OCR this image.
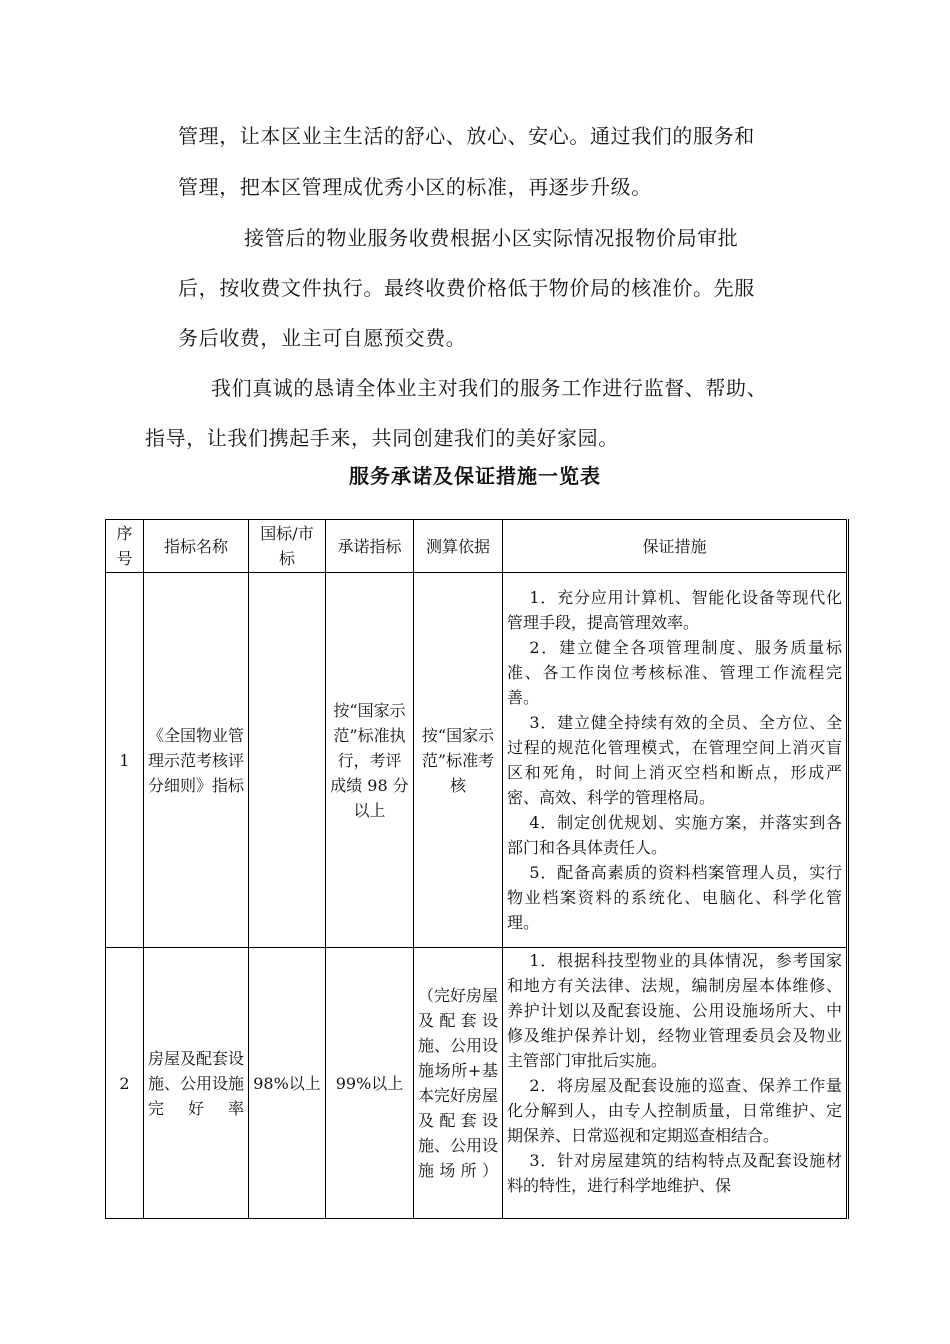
管理，让本区业主生活的舒心、放心、安心。通过我们的服务和

管理，把本区管理成优秀小区的标准，再逐步升级。

接管后的物业服务收费根据小区实际情况报物价局审批

后，按收费文件执行。最终收费价格低于物价局的核准价。先服

务后收费，业主可自愿预交费。

我们真诚的恳请全体业主对我们的服务工作进行监督、帮助、

指导，让我们携起手来，共同创建我们的美好家园。

服务承诺及保证措施一览表
序号	指标名称	国标/市标	承诺指标	测算依据	保证措施
1	《全国物业管理示范考核评分细则》指标		按“国家示范”标准执行，考评成绩 98 分以上	按“国家示范”标准考核	1．充分应用计算机、智能化设备等现代化管理手段，提高管理效率。
2．建立健全各项管理制度、服务质量标准、各工作岗位考核标准、管理工作流程完善。
3．建立健全持续有效的全员、全方位、全过程的规范化管理模式，在管理空间上消灭盲区和死角，时间上消灭空档和断点，形成严密、高效、科学的管理格局。
4．制定创优规划、实施方案，并落实到各部门和各具体责任人。
5．配备高素质的资料档案管理人员，实行物业档案资料的系统化、电脑化、科学化管理。

2	房屋及配套设施、公用设施完好率	98%以上	99%以上	（完好房屋及配套设施、公用设施场所+基本完好房屋及配套设施、公用设施场所）	1．根据科技型物业的具体情况，参考国家和地方有关法律、法规，编制房屋本体维修、养护计划以及配套设施、公用设施场所大、中修及维护保养计划，经物业管理委员会及物业主管部门审批后实施。
2．将房屋及配套设施的巡查、保养工作量化分解到人，由专人控制质量，日常维护、定期保养、日常巡视和定期巡查相结合。
3．针对房屋建筑的结构特点及配套设施材料的特性，进行科学地维护、保
